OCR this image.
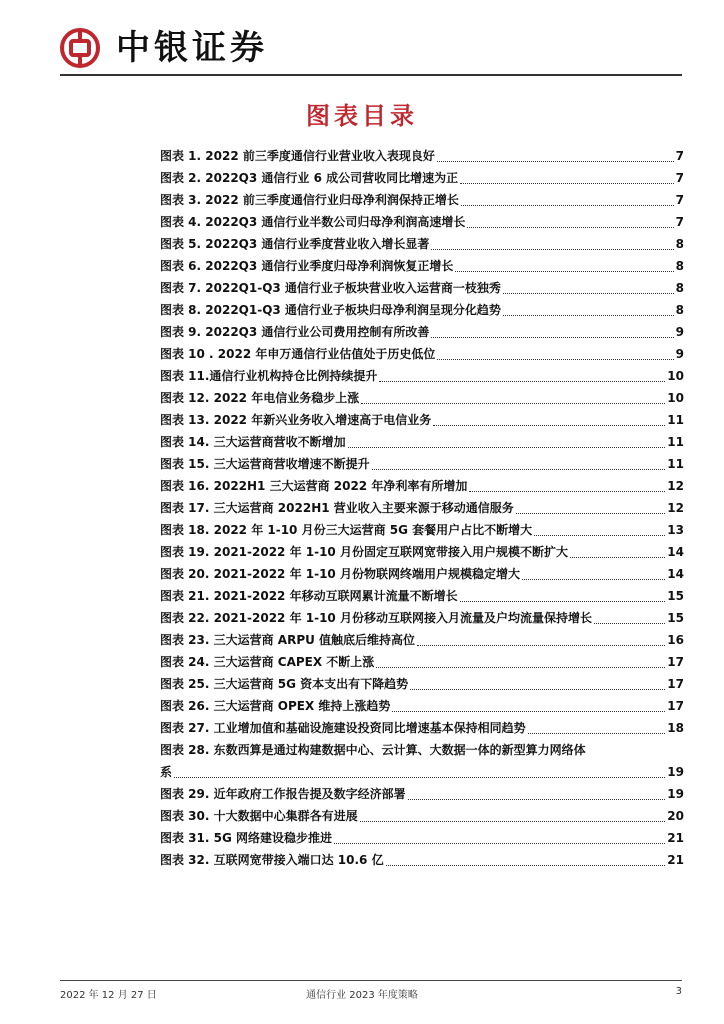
中银证券
图表目录
图表 1. 2022 前三季度通信行业营业收入表现良好	7
图表 2. 2022Q3 通信行业 6 成公司营收同比增速为正	7
图表 3. 2022 前三季度通信行业归母净利润保持正增长	7
图表 4. 2022Q3 通信行业半数公司归母净利润高速增长	7
图表 5. 2022Q3 通信行业季度营业收入增长显著	8
图表 6. 2022Q3 通信行业季度归母净利润恢复正增长	8
图表 7. 2022Q1-Q3 通信行业子板块营业收入运营商一枝独秀	8
图表 8. 2022Q1-Q3 通信行业子板块归母净利润呈现分化趋势	8
图表 9. 2022Q3 通信行业公司费用控制有所改善	9
图表 10 . 2022 年申万通信行业估值处于历史低位	9
图表 11.通信行业机构持仓比例持续提升	10
图表 12. 2022 年电信业务稳步上涨	10
图表 13. 2022 年新兴业务收入增速高于电信业务	11
图表 14. 三大运营商营收不断增加	11
图表 15. 三大运营商营收增速不断提升	11
图表 16. 2022H1 三大运营商 2022 年净利率有所增加	12
图表 17. 三大运营商 2022H1 营业收入主要来源于移动通信服务	12
图表 18. 2022 年 1-10 月份三大运营商 5G 套餐用户占比不断增大	13
图表 19. 2021-2022 年 1-10 月份固定互联网宽带接入用户规模不断扩大	14
图表 20. 2021-2022 年 1-10 月份物联网终端用户规模稳定增大	14
图表 21. 2021-2022 年移动互联网累计流量不断增长	15
图表 22. 2021-2022 年 1-10 月份移动互联网接入月流量及户均流量保持增长	15
图表 23. 三大运营商 ARPU 值触底后维持高位	16
图表 24. 三大运营商 CAPEX 不断上涨	17
图表 25. 三大运营商 5G 资本支出有下降趋势	17
图表 26. 三大运营商 OPEX 维持上涨趋势	17
图表 27. 工业增加值和基础设施建设投资同比增速基本保持相同趋势	18
图表 28. 东数西算是通过构建数据中心、云计算、大数据一体的新型算力网络体
系	19
图表 29. 近年政府工作报告提及数字经济部署	19
图表 30. 十大数据中心集群各有进展	20
图表 31. 5G 网络建设稳步推进	21
图表 32. 互联网宽带接入端口达 10.6 亿	21
2022 年 12 月 27 日	通信行业 2023 年度策略	3
